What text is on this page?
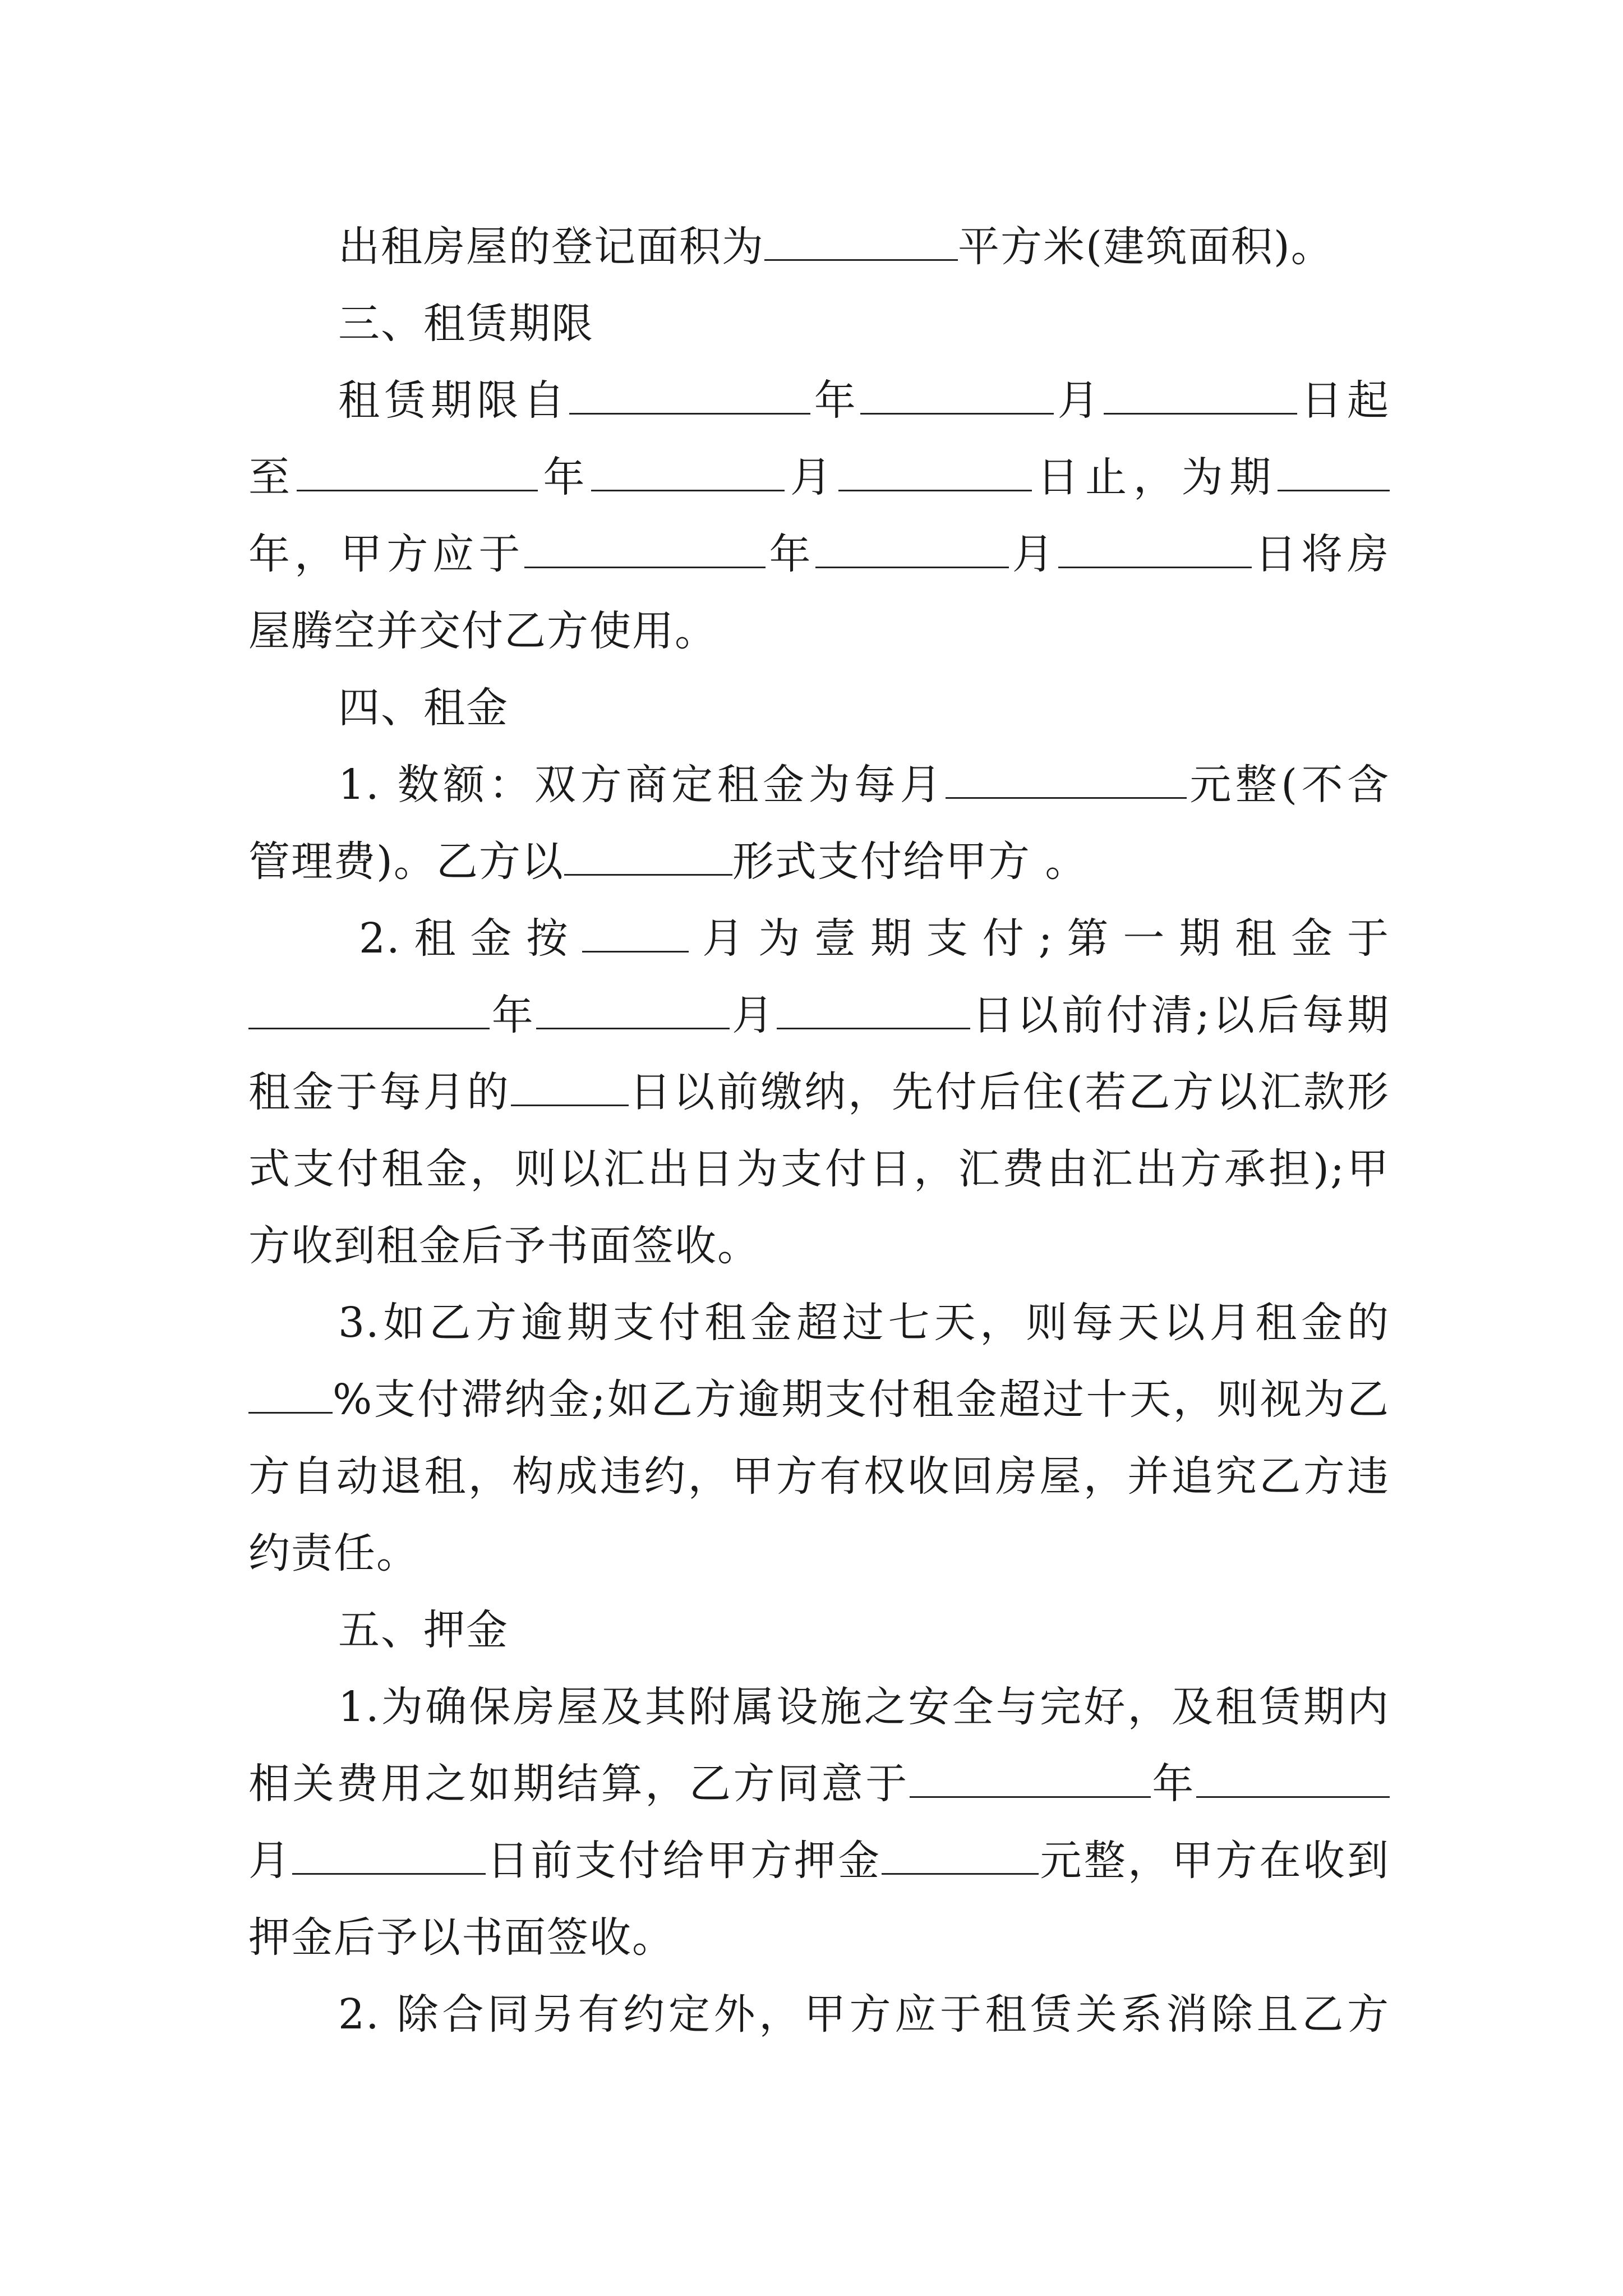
出租房屋的登记面积为	平方米(建筑面积)。
三、租赁期限
租赁期限自	年	月	日起
至	年	月	日止，为期
年，甲方应于	年	月	日将房
屋腾空并交付乙方使用。
四、租金
1. 数额：双方商定租金为每月	元整(不含
管理费)。乙方以	形式支付给甲方 。
2.租金按	月为壹期支付;第一期租金于
年	月	日以前付清;以后每期
租金于每月的	日以前缴纳，先付后住(若乙方以汇款形
式支付租金，则以汇出日为支付日，汇费由汇出方承担);甲
方收到租金后予书面签收。
3.如乙方逾期支付租金超过七天，则每天以月租金的
%支付滞纳金;如乙方逾期支付租金超过十天，则视为乙
方自动退租，构成违约，甲方有权收回房屋，并追究乙方违
约责任。
五、押金
1.为确保房屋及其附属设施之安全与完好，及租赁期内
相关费用之如期结算，乙方同意于	年
月	日前支付给甲方押金	元整，甲方在收到
押金后予以书面签收。
2. 除合同另有约定外，甲方应于租赁关系消除且乙方
